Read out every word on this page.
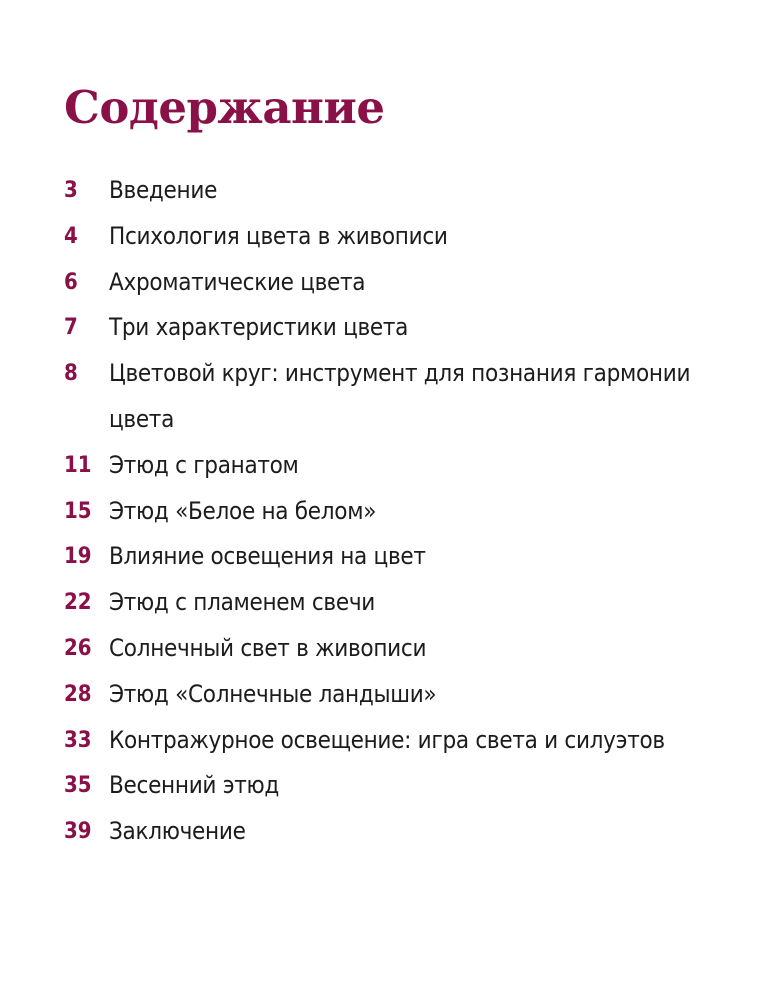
Содержание
3	Введение
4	Психология цвета в живописи
6	Ахроматические цвета
7	Три характеристики цвета
8	Цветовой круг: инструмент для познания гармонии цвета
11 Этюд с гранатом
15 Этюд «Белое на белом»
19 Влияние освещения на цвет
22 Этюд с пламенем свечи
26 Солнечный свет в живописи
28 Этюд «Солнечные ландыши»
33 Контражурное освещение: игра света и силуэтов
35 Весенний этюд
39 Заключение
